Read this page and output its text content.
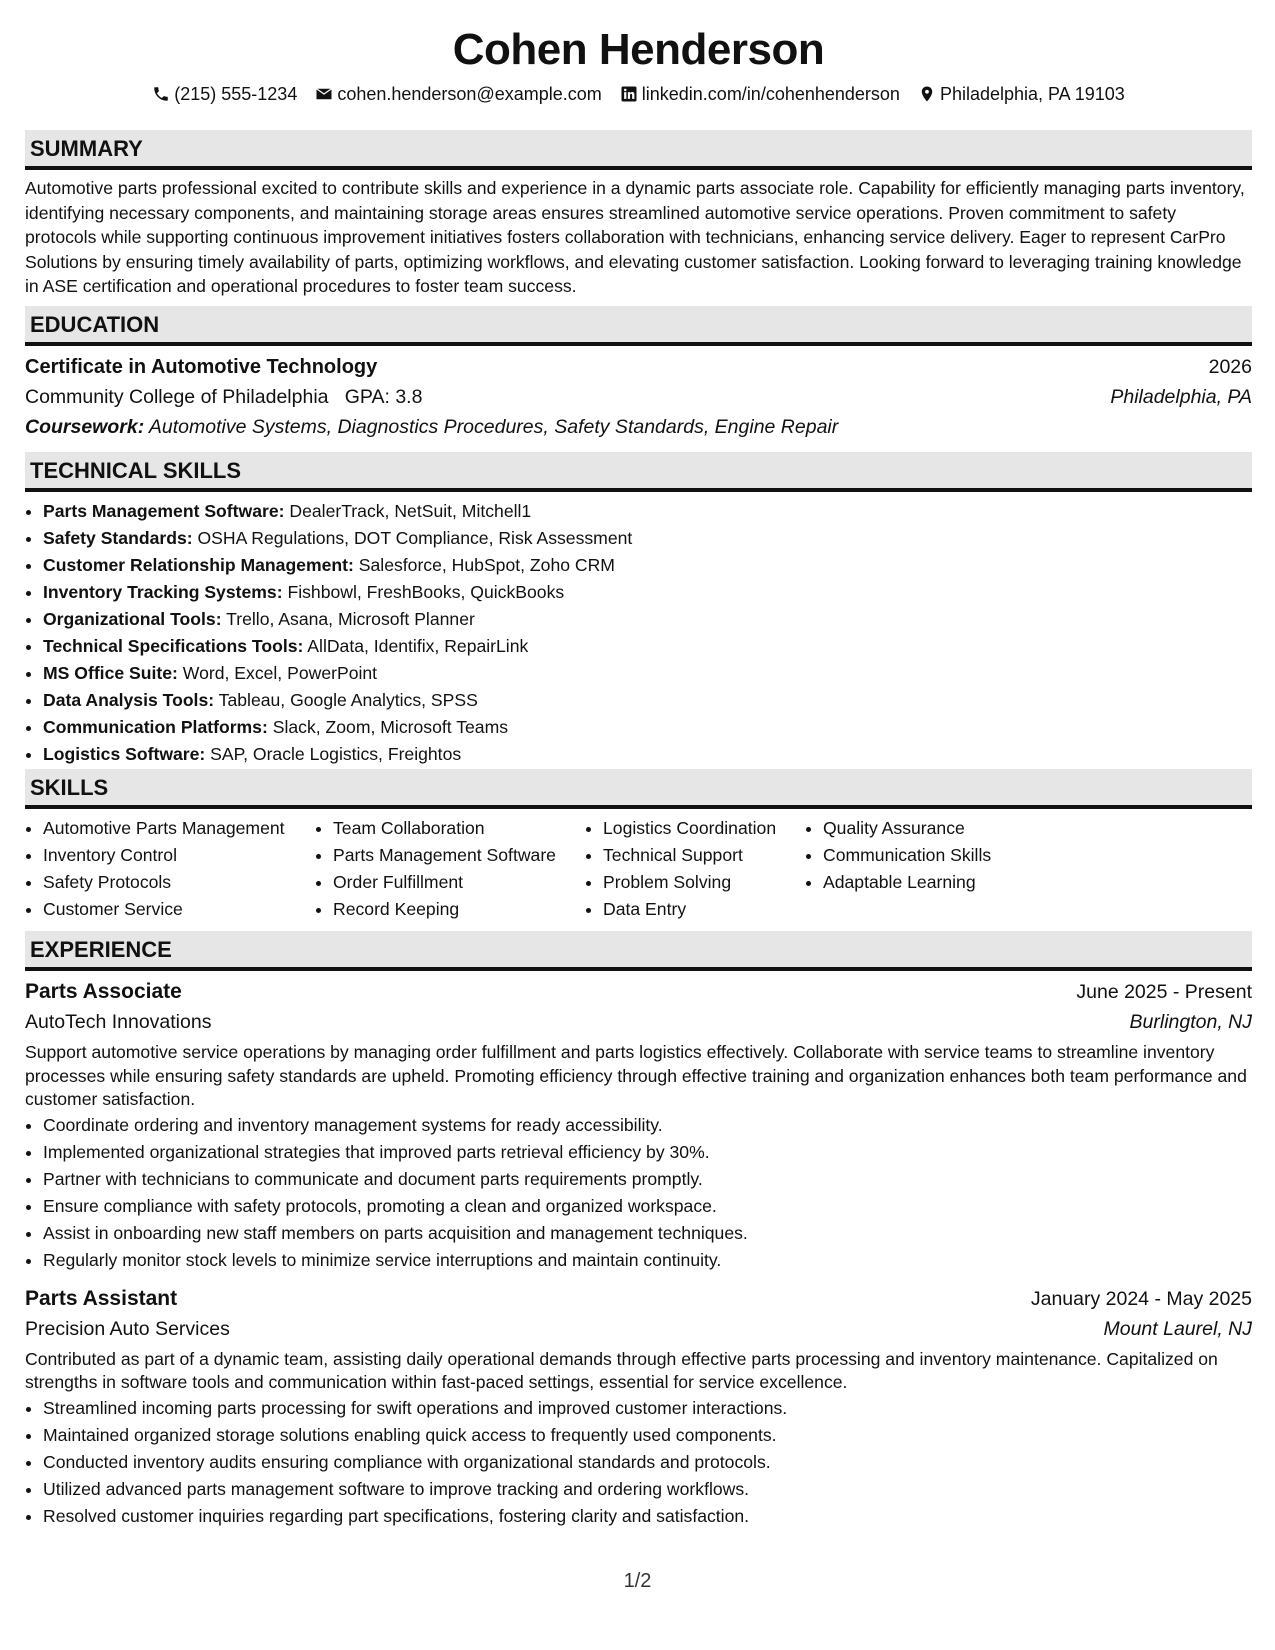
Cohen Henderson
(215) 555-1234 cohen.henderson@example.com linkedin.com/in/cohenhenderson Philadelphia, PA 19103
SUMMARY

Automotive parts professional excited to contribute skills and experience in a dynamic parts associate role. Capability for efficiently managing parts inventory, identifying necessary components, and maintaining storage areas ensures streamlined automotive service operations. Proven commitment to safety protocols while supporting continuous improvement initiatives fosters collaboration with technicians, enhancing service delivery. Eager to represent CarPro Solutions by ensuring timely availability of parts, optimizing workflows, and elevating customer satisfaction. Looking forward to leveraging training knowledge in ASE certification and operational procedures to foster team success.

EDUCATION
Certificate in Automotive Technology	2026
Community College of Philadelphia GPA: 3.8	Philadelphia, PA
Coursework: Automotive Systems, Diagnostics Procedures, Safety Standards, Engine Repair
TECHNICAL SKILLS
• Parts Management Software: DealerTrack, NetSuit, Mitchell1
• Safety Standards: OSHA Regulations, DOT Compliance, Risk Assessment
• Customer Relationship Management: Salesforce, HubSpot, Zoho CRM
• Inventory Tracking Systems: Fishbowl, FreshBooks, QuickBooks
• Organizational Tools: Trello, Asana, Microsoft Planner
• Technical Specifications Tools: AllData, Identifix, RepairLink
• MS Office Suite: Word, Excel, PowerPoint
• Data Analysis Tools: Tableau, Google Analytics, SPSS
• Communication Platforms: Slack, Zoom, Microsoft Teams
• Logistics Software: SAP, Oracle Logistics, Freightos
SKILLS
• Automotive Parts Management
• Inventory Control
• Safety Protocols
• Customer Service
• Team Collaboration
• Parts Management Software
• Order Fulfillment
• Record Keeping
• Logistics Coordination
• Technical Support
• Problem Solving
• Data Entry
• Quality Assurance
• Communication Skills
• Adaptable Learning
EXPERIENCE
Parts Associate	June 2025 - Present
AutoTech Innovations	Burlington, NJ

Support automotive service operations by managing order fulfillment and parts logistics effectively. Collaborate with service teams to streamline inventory processes while ensuring safety standards are upheld. Promoting efficiency through effective training and organization enhances both team performance and customer satisfaction.

• Coordinate ordering and inventory management systems for ready accessibility.
• Implemented organizational strategies that improved parts retrieval efficiency by 30%.
• Partner with technicians to communicate and document parts requirements promptly.
• Ensure compliance with safety protocols, promoting a clean and organized workspace.
• Assist in onboarding new staff members on parts acquisition and management techniques.
• Regularly monitor stock levels to minimize service interruptions and maintain continuity.
Parts Assistant	January 2024 - May 2025
Precision Auto Services	Mount Laurel, NJ

Contributed as part of a dynamic team, assisting daily operational demands through effective parts processing and inventory maintenance. Capitalized on strengths in software tools and communication within fast-paced settings, essential for service excellence.

• Streamlined incoming parts processing for swift operations and improved customer interactions.
• Maintained organized storage solutions enabling quick access to frequently used components.
• Conducted inventory audits ensuring compliance with organizational standards and protocols.
• Utilized advanced parts management software to improve tracking and ordering workflows.
• Resolved customer inquiries regarding part specifications, fostering clarity and satisfaction.
1/2
